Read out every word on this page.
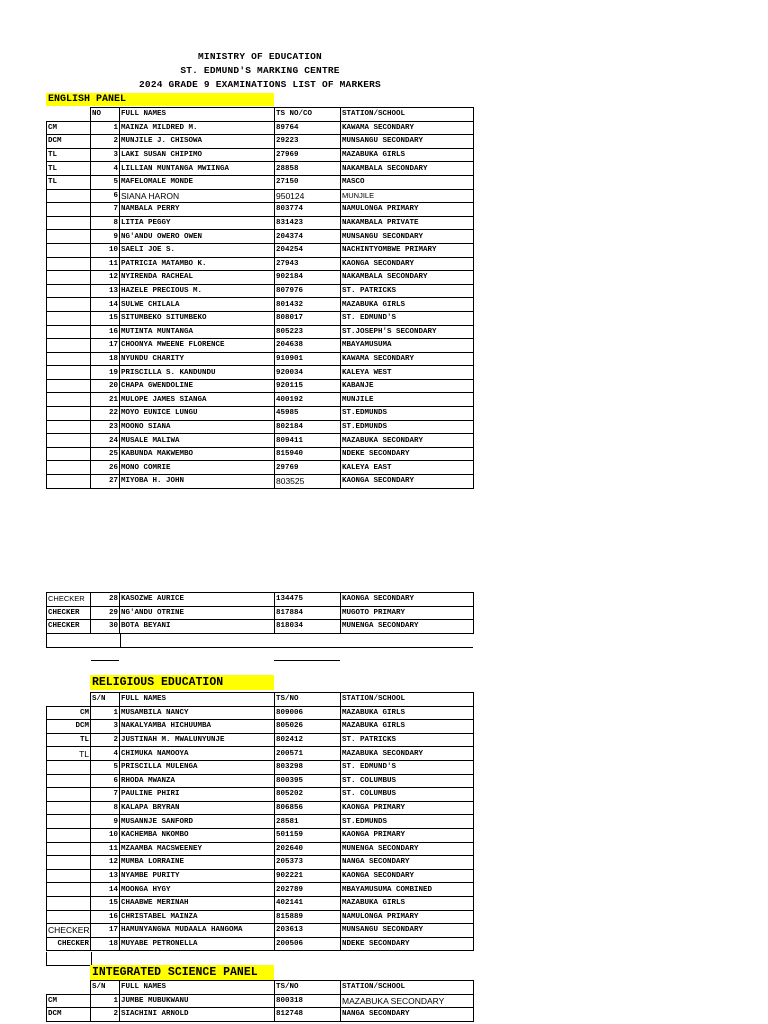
MINISTRY OF EDUCATION
ST. EDMUND'S MARKING CENTRE
2024 GRADE 9 EXAMINATIONS LIST OF MARKERS
ENGLISH PANEL
	NO	FULL NAMES	TS NO/CO	STATION/SCHOOL
CM	1	MAINZA MILDRED M.	89764	KAWAMA SECONDARY
DCM	2	MUNJILE J. CHISOWA	29223	MUNSANGU SECONDARY
TL	3	LAKI SUSAN CHIPIMO	27969	MAZABUKA GIRLS
TL	4	LILLIAN MUNTANGA MWIINGA	28858	NAKAMBALA SECONDARY
TL	5	MAFELOMALE MONDE	27150	MASCO
	6	SIANA HARON	950124	MUNJILE
	7	NAMBALA PERRY	803774	NAMULONGA PRIMARY
	8	LITIA PEGGY	831423	NAKAMBALA PRIVATE
	9	NG'ANDU OWERO OWEN	204374	MUNSANGU SECONDARY
	10	SAELI JOE S.	204254	NACHINTYOMBWE PRIMARY
	11	PATRICIA MATAMBO K.	27943	KAONGA SECONDARY
	12	NYIRENDA RACHEAL	902184	NAKAMBALA SECONDARY
	13	HAZELE PRECIOUS M.	807976	ST. PATRICKS
	14	SULWE CHILALA	801432	MAZABUKA GIRLS
	15	SITUMBEKO SITUMBEKO	808017	ST. EDMUND'S
	16	MUTINTA MUNTANGA	805223	ST.JOSEPH'S SECONDARY
	17	CHOONYA MWEENE FLORENCE	204638	MBAYAMUSUMA
	18	NYUNDU CHARITY	910901	KAWAMA SECONDARY
	19	PRISCILLA S. KANDUNDU	920034	KALEYA WEST
	20	CHAPA GWENDOLINE	920115	KABANJE
	21	MULOPE JAMES SIANGA	400192	MUNJILE
	22	MOYO EUNICE LUNGU	45985	ST.EDMUNDS
	23	MOONO SIANA	802184	ST.EDMUNDS
	24	MUSALE MALIWA	809411	MAZABUKA SECONDARY
	25	KABUNDA MAKWEMBO	815940	NDEKE SECONDARY
	26	MONO COMRIE	29769	KALEYA EAST
	27	MIYOBA H. JOHN	803525	KAONGA SECONDARY
CHECKER	28	KASOZWE AURICE	134475	KAONGA SECONDARY
CHECKER	29	NG'ANDU OTRINE	817884	MUGOTO PRIMARY
CHECKER	30	BOTA BEYANI	818034	MUNENGA SECONDARY
RELIGIOUS EDUCATION
	S/N	FULL NAMES	TS/NO	STATION/SCHOOL
CM	1	MUSAMBILA NANCY	809006	MAZABUKA GIRLS
DCM	3	NAKALYAMBA HICHUUMBA	805026	MAZABUKA GIRLS
TL	2	JUSTINAH M. MWALUNYUNJE	802412	ST. PATRICKS
TL	4	CHIMUKA NAMOOYA	200571	MAZABUKA SECONDARY
	5	PRISCILLA MULENGA	803298	ST. EDMUND'S
	6	RHODA MWANZA	800395	ST. COLUMBUS
	7	PAULINE PHIRI	805202	ST. COLUMBUS
	8	KALAPA BRYRAN	806856	KAONGA PRIMARY
	9	MUSANNJE SANFORD	28581	ST.EDMUNDS
	10	KACHEMBA NKOMBO	501159	KAONGA PRIMARY
	11	MZAAMBA MACSWEENEY	202640	MUNENGA SECONDARY
	12	MUMBA LORRAINE	205373	NANGA SECONDARY
	13	NYAMBE PURITY	902221	KAONGA SECONDARY
	14	MOONGA HYGY	202789	MBAYAMUSUMA COMBINED
	15	CHAABWE MERINAH	402141	MAZABUKA GIRLS
	16	CHRISTABEL MAINZA	815889	NAMULONGA PRIMARY
CHECKER	17	HAMUNYANGWA MUDAALA HANGOMA	203613	MUNSANGU SECONDARY
CHECKER	18	MUYABE PETRONELLA	200506	NDEKE SECONDARY
INTEGRATED SCIENCE PANEL
	S/N	FULL NAMES	TS/NO	STATION/SCHOOL
CM	1	JUMBE MUBUKWANU	800318	MAZABUKA SECONDARY
DCM	2	SIACHINI ARNOLD	812748	NANGA SECONDARY
